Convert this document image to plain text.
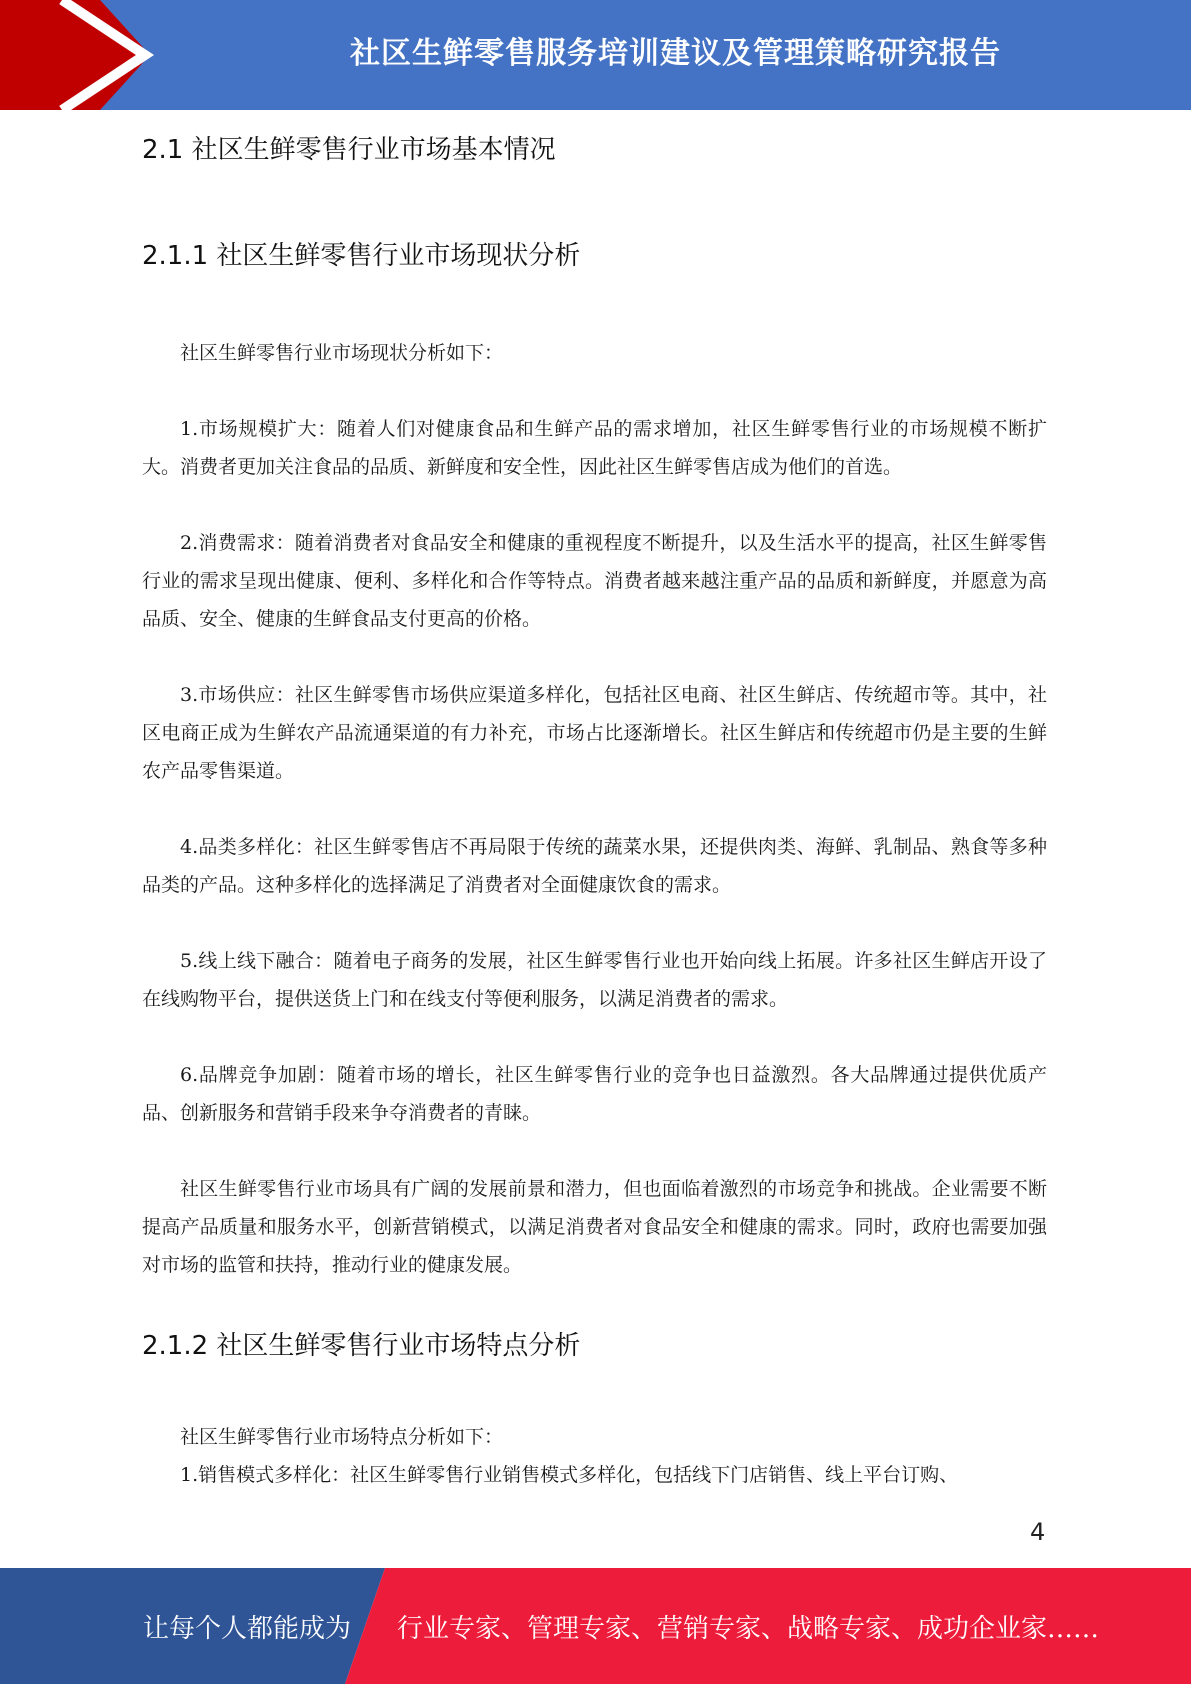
社区生鲜零售服务培训建议及管理策略研究报告
2.1 社区生鲜零售行业市场基本情况
2.1.1 社区生鲜零售行业市场现状分析

社区生鲜零售行业市场现状分析如下：

1.市场规模扩大：随着人们对健康食品和生鲜产品的需求增加，社区生鲜零售行业的市场规模不断扩大。消费者更加关注食品的品质、新鲜度和安全性，因此社区生鲜零售店成为他们的首选。

2.消费需求：随着消费者对食品安全和健康的重视程度不断提升，以及生活水平的提高，社区生鲜零售行业的需求呈现出健康、便利、多样化和合作等特点。消费者越来越注重产品的品质和新鲜度，并愿意为高品质、安全、健康的生鲜食品支付更高的价格。

3.市场供应：社区生鲜零售市场供应渠道多样化，包括社区电商、社区生鲜店、传统超市等。其中，社区电商正成为生鲜农产品流通渠道的有力补充，市场占比逐渐增长。社区生鲜店和传统超市仍是主要的生鲜农产品零售渠道。

4.品类多样化：社区生鲜零售店不再局限于传统的蔬菜水果，还提供肉类、海鲜、乳制品、熟食等多种品类的产品。这种多样化的选择满足了消费者对全面健康饮食的需求。

5.线上线下融合：随着电子商务的发展，社区生鲜零售行业也开始向线上拓展。许多社区生鲜店开设了在线购物平台，提供送货上门和在线支付等便利服务，以满足消费者的需求。

6.品牌竞争加剧：随着市场的增长，社区生鲜零售行业的竞争也日益激烈。各大品牌通过提供优质产品、创新服务和营销手段来争夺消费者的青睐。

社区生鲜零售行业市场具有广阔的发展前景和潜力，但也面临着激烈的市场竞争和挑战。企业需要不断提高产品质量和服务水平，创新营销模式，以满足消费者对食品安全和健康的需求。同时，政府也需要加强对市场的监管和扶持，推动行业的健康发展。

2.1.2 社区生鲜零售行业市场特点分析

社区生鲜零售行业市场特点分析如下：

1.销售模式多样化：社区生鲜零售行业销售模式多样化，包括线下门店销售、线上平台订购、

4
让每个人都能成为 行业专家、管理专家、营销专家、战略专家、成功企业家……
